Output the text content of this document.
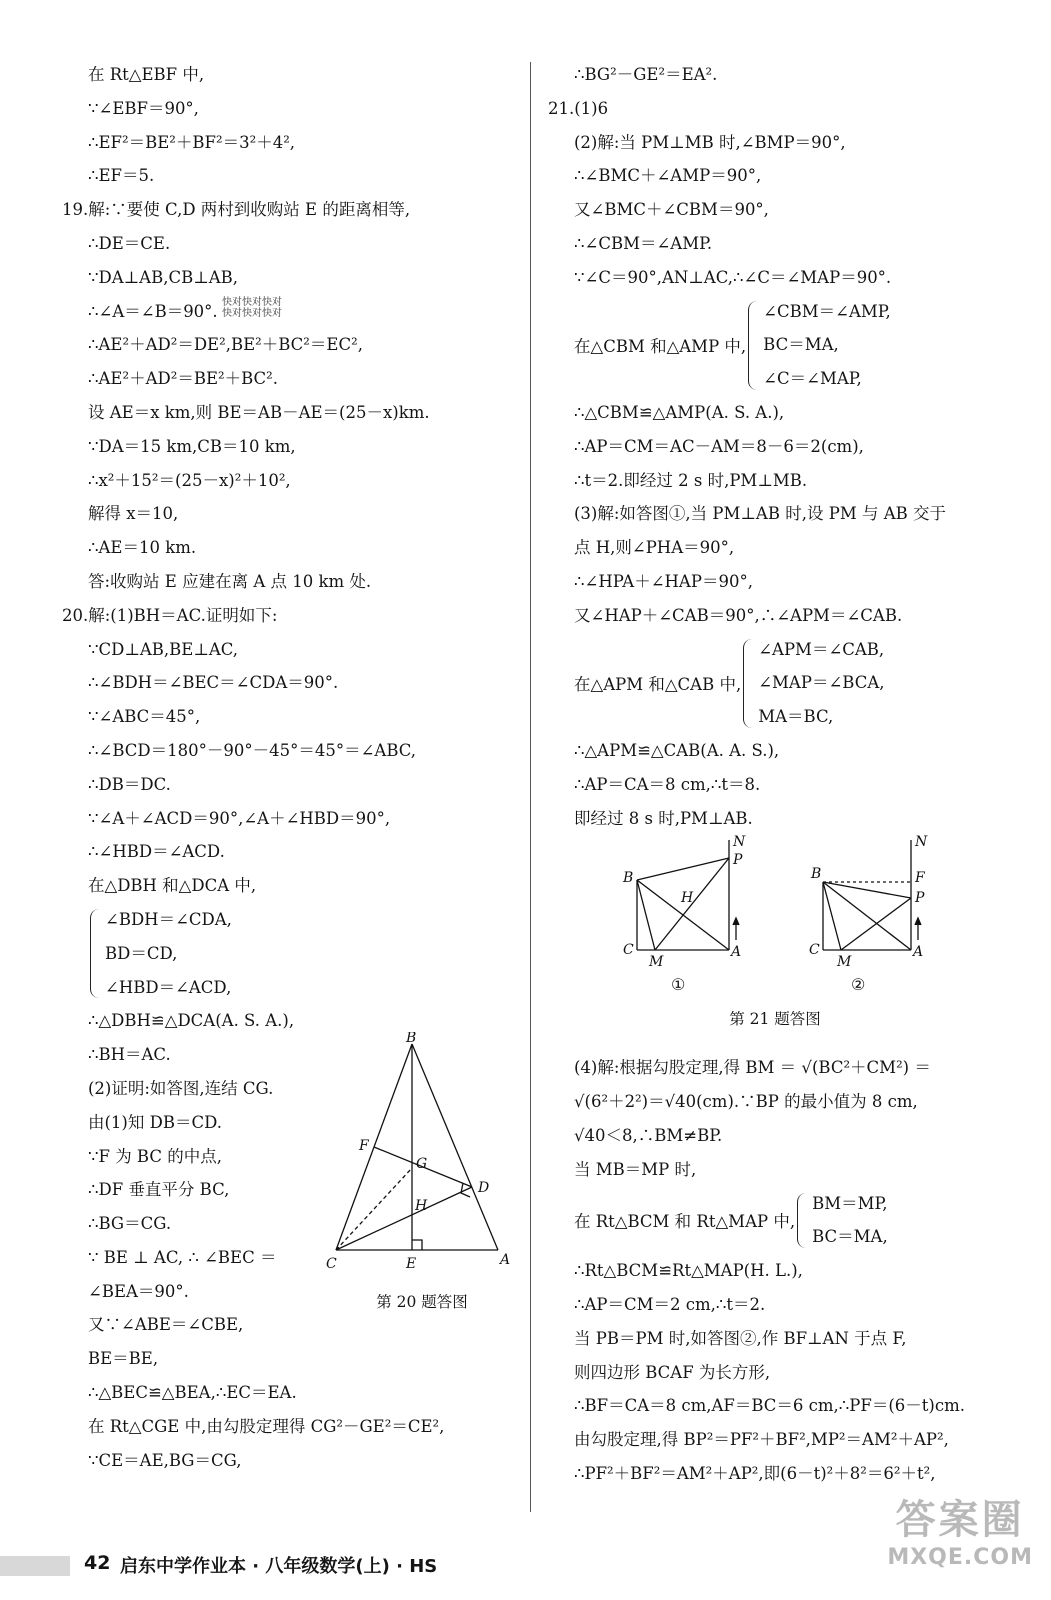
在 Rt△EBF 中,
∵∠EBF＝90°,
∴EF²＝BE²＋BF²＝3²＋4²,
∴EF＝5.
19.解:∵要使 C,D 两村到收购站 E 的距离相等,
∴DE＝CE.
∵DA⊥AB,CB⊥AB,
∴∠A＝∠B＝90°.
∴AE²＋AD²＝DE²,BE²＋BC²＝EC²,
∴AE²＋AD²＝BE²＋BC².
设 AE＝x km,则 BE＝AB－AE＝(25－x)km.
∵DA＝15 km,CB＝10 km,
∴x²＋15²＝(25－x)²＋10²,
解得 x＝10,
∴AE＝10 km.
答:收购站 E 应建在离 A 点 10 km 处.
20.解:(1)BH＝AC.证明如下:
∵CD⊥AB,BE⊥AC,
∴∠BDH＝∠BEC＝∠CDA＝90°.
∵∠ABC＝45°,
∴∠BCD＝180°－90°－45°＝45°＝∠ABC,
∴DB＝DC.
∵∠A＋∠ACD＝90°,∠A＋∠HBD＝90°,
∴∠HBD＝∠ACD.
在△DBH 和△DCA 中,
∠BDH＝∠CDA,
BD＝CD,
∠HBD＝∠ACD,
∴△DBH≌△DCA(A. S. A.),
∴BH＝AC.
(2)证明:如答图,连结 CG.
由(1)知 DB＝CD.
∵F 为 BC 的中点,
∴DF 垂直平分 BC,
∴BG＝CG.
∵ BE ⊥ AC, ∴ ∠BEC ＝
∠BEA＝90°.
又∵∠ABE＝∠CBE,
BE＝BE,
∴△BEC≌△BEA,∴EC＝EA.
在 Rt△CGE 中,由勾股定理得 CG²－GE²＝CE²,
∵CE＝AE,BG＝CG,
∴BG²－GE²＝EA².
21.(1)6
(2)解:当 PM⊥MB 时,∠BMP＝90°,
∴∠BMC＋∠AMP＝90°,
又∠BMC＋∠CBM＝90°,
∴∠CBM＝∠AMP.
∵∠C＝90°,AN⊥AC,∴∠C＝∠MAP＝90°.
在△CBM 和△AMP 中,
∠CBM＝∠AMP,
BC＝MA,
∠C＝∠MAP,
∴△CBM≌△AMP(A. S. A.),
∴AP＝CM＝AC－AM＝8－6＝2(cm),
∴t＝2.即经过 2 s 时,PM⊥MB.
(3)解:如答图①,当 PM⊥AB 时,设 PM 与 AB 交于
点 H,则∠PHA＝90°,
∴∠HPA＋∠HAP＝90°,
又∠HAP＋∠CAB＝90°,∴∠APM＝∠CAB.
在△APM 和△CAB 中,
∠APM＝∠CAB,
∠MAP＝∠BCA,
MA＝BC,
∴△APM≌△CAB(A. A. S.),
∴AP＝CA＝8 cm,∴t＝8.
即经过 8 s 时,PM⊥AB.
(4)解:根据勾股定理,得 BM ＝ √(BC²＋CM²) ＝
√(6²＋2²)＝√40(cm).∵BP 的最小值为 8 cm,
√40＜8,∴BM≠BP.
当 MB＝MP 时,
在 Rt△BCM 和 Rt△MAP 中,
BM＝MP,
BC＝MA,
∴Rt△BCM≌Rt△MAP(H. L.),
∴AP＝CM＝2 cm,∴t＝2.
当 PB＝PM 时,如答图②,作 BF⊥AN 于点 F,
则四边形 BCAF 为长方形,
∴BF＝CA＝8 cm,AF＝BC＝6 cm,∴PF＝(6－t)cm.
由勾股定理,得 BP²＝PF²＋BF²,MP²＝AM²＋AP²,
∴PF²＋BF²＝AM²＋AP²,即(6－t)²＋8²＝6²＋t²,
快对快对快对
快对快对快对
B
F
G
D
H
C	E	A
第 20 题答图
N
P
B
H
C
M
A
N
B	F
P
C
M
A
①	②
第 21 题答图
42 启东中学作业本 · 八年级数学(上) · HS
答案圈
MXQE.COM
